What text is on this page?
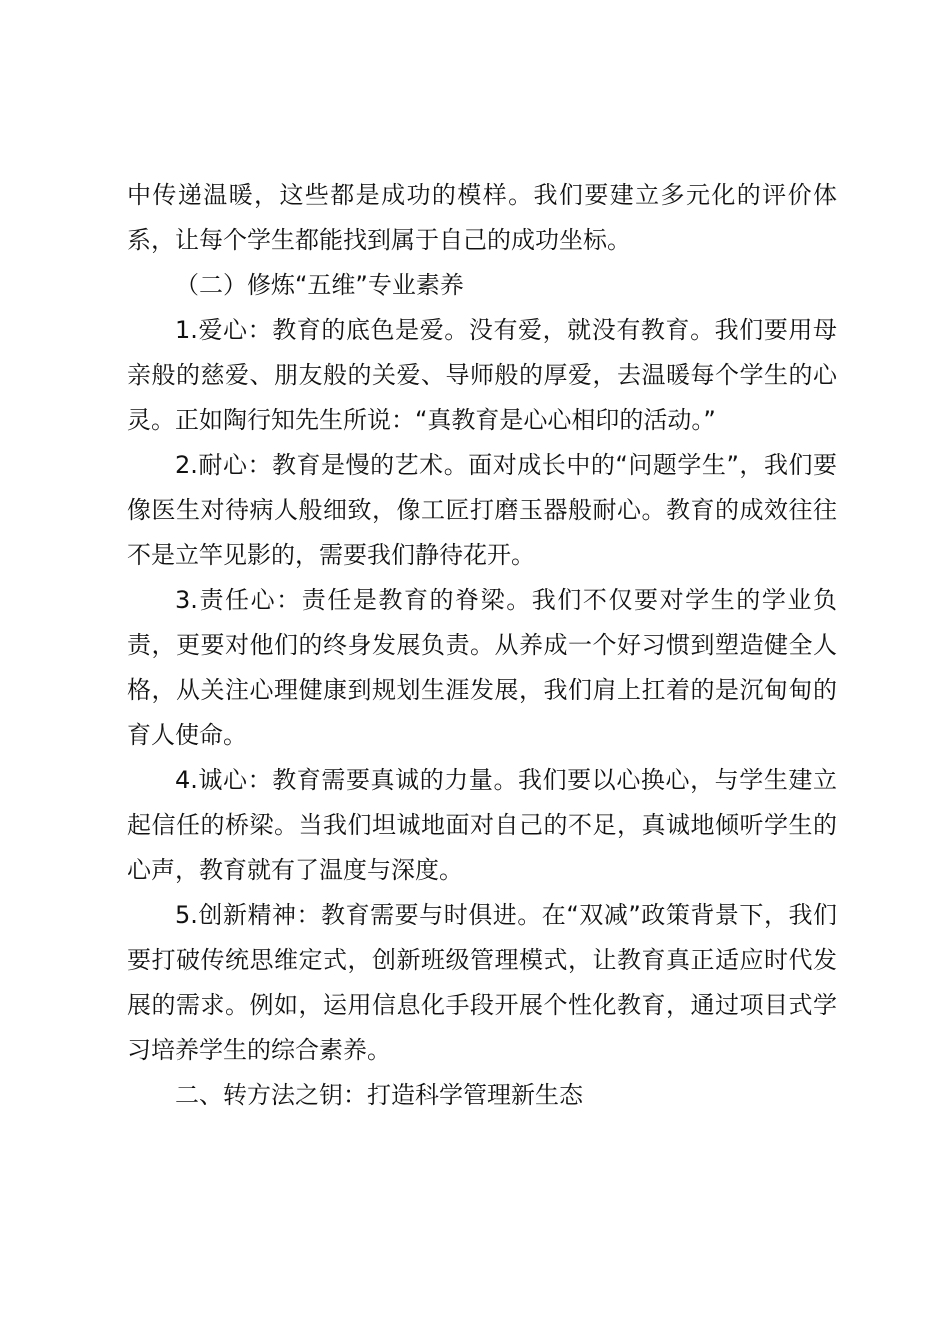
中传递温暖，这些都是成功的模样。我们要建立多元化的评价体系，让每个学生都能找到属于自己的成功坐标。

（二）修炼“五维”专业素养

1.爱心：教育的底色是爱。没有爱，就没有教育。我们要用母亲般的慈爱、朋友般的关爱、导师般的厚爱，去温暖每个学生的心灵。正如陶行知先生所说：“真教育是心心相印的活动。”

2.耐心：教育是慢的艺术。面对成长中的“问题学生”，我们要像医生对待病人般细致，像工匠打磨玉器般耐心。教育的成效往往不是立竿见影的，需要我们静待花开。

3.责任心：责任是教育的脊梁。我们不仅要对学生的学业负责，更要对他们的终身发展负责。从养成一个好习惯到塑造健全人格，从关注心理健康到规划生涯发展，我们肩上扛着的是沉甸甸的育人使命。

4.诚心：教育需要真诚的力量。我们要以心换心，与学生建立起信任的桥梁。当我们坦诚地面对自己的不足，真诚地倾听学生的心声，教育就有了温度与深度。

5.创新精神：教育需要与时俱进。在“双减”政策背景下，我们要打破传统思维定式，创新班级管理模式，让教育真正适应时代发展的需求。例如，运用信息化手段开展个性化教育，通过项目式学习培养学生的综合素养。

二、转方法之钥：打造科学管理新生态
